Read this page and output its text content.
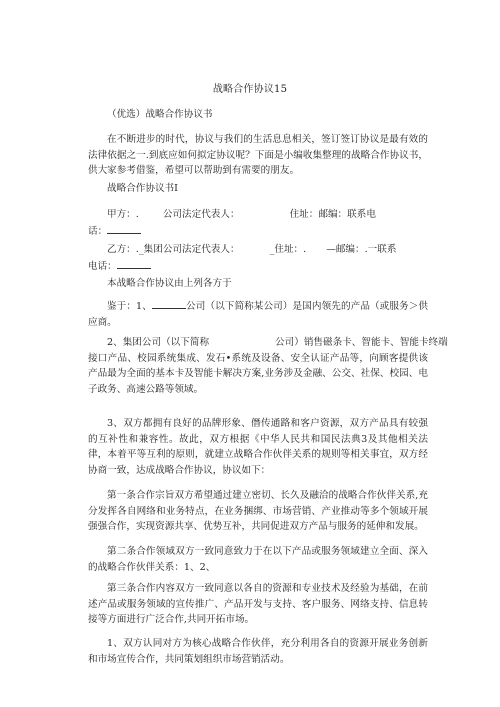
战略合作协议15
（优选）战略合作协议书
在不断进步的时代，协议与我们的生活息息相关，签订签订协议是最有效的法律依据之一.到底应如何拟定协议呢？下面是小编收集整理的战略合作协议书，供大家参考借鉴，希望可以帮助到有需要的朋友。
战略合作协议书Ⅰ
甲方：.	公司法定代表人：	住址：邮编：联系电
话：
乙方：._集团公司法定代表人：	_住址：. —邮编：.一联系
电话：
本战略合作协议由上列各方于
鉴于：1、	公司（以下简称某公司）是国内领先的产品（或服务＞供应商。
2、集团公司（以下简称	公司）销售磁条卡、智能卡、智能卡终端
接口产品、校园系统集成、发石•系统及设备、安全认证产品等，向顾客提供该产品最为全面的基本卡及智能卡解决方案,业务涉及金融、公交、社保、校园、电子政务、高速公路等领域。
3、双方都拥有良好的品牌形象、僭传通路和客户资源，双方产品具有较强的互补性和兼容性。故此，双方根据《中华人民共和国民法典3及其他相关法律，本着平等互利的原则，就建立战略合作伙伴关系的规则等相关事宜，双方经协商一致，达成战略合作协议，协议如下：
第一条合作宗旨双方希望通过建立密切、长久及融洽的战略合作伙伴关系,充分发挥各自网络和业务特点，在业务捆绑、市场营销、产业推动等多个领域开展强强合作，实现资源共享、优势互补，共同促进双方产品与服务的延伸和发展。
第二条合作领域双方一致同意致力于在以下产品或服务领域建立全面、深入的战略合作伙伴关系：1、2、
第三条合作内容双方一致同意以各自的资源和专业技术及经验为基础，在前述产品或服务领域的宣传推广、产品开发与支持、客户服务、网络支持、信息转接等方面进行广泛合作,共同开拓市场。
1、双方认同对方为核心战略合作伙伴，充分利用各自的资源开展业务创新和市场宣传合作，共同策划组织市场营销活动。
